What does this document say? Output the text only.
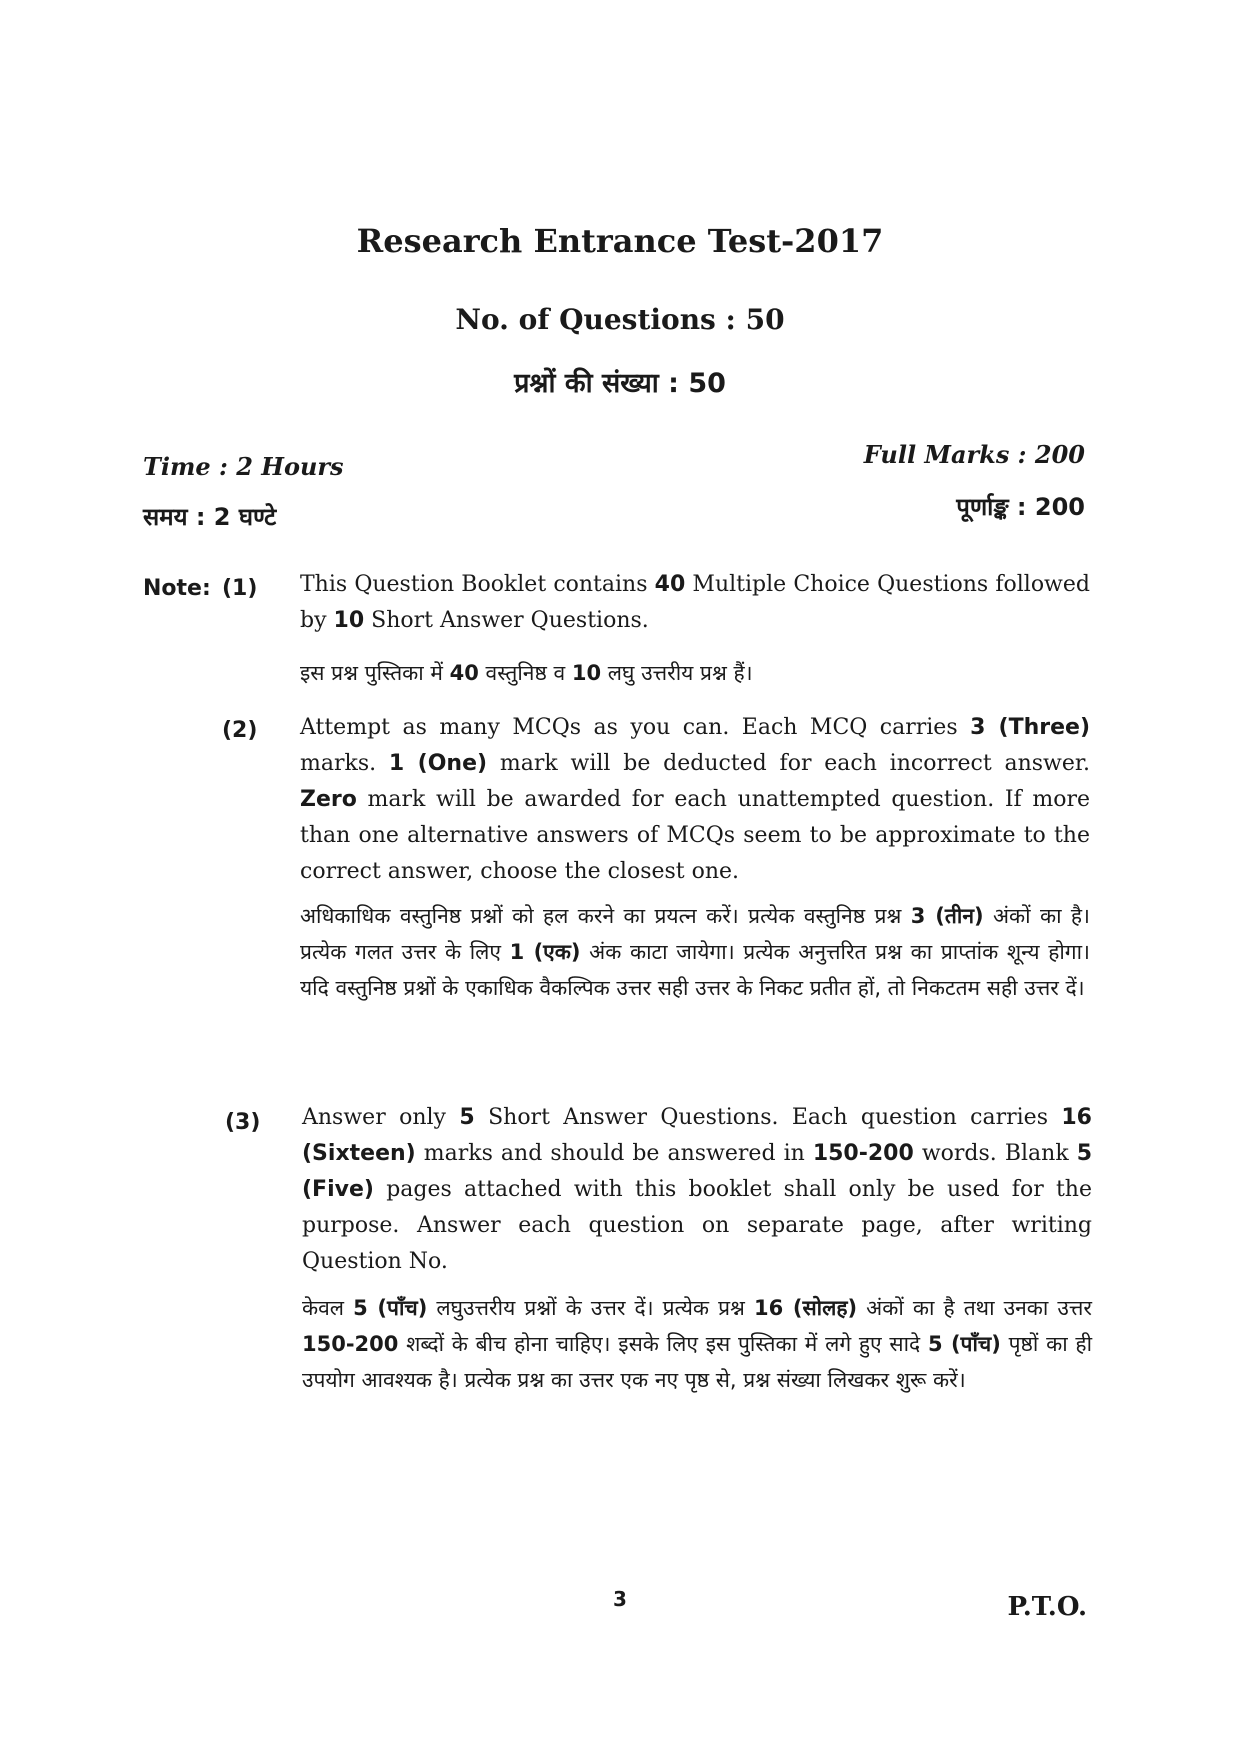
Research Entrance Test-2017
No. of Questions : 50
प्रश्नों की संख्या : 50
Time : 2 Hours
समय : 2 घण्टे
Full Marks : 200
पूर्णाङ्क : 200
Note: (1) This Question Booklet contains 40 Multiple Choice Questions followed by 10 Short Answer Questions.
इस प्रश्न पुस्तिका में 40 वस्तुनिष्ठ व 10 लघु उत्तरीय प्रश्न हैं।
(2) Attempt as many MCQs as you can. Each MCQ carries 3 (Three) marks. 1 (One) mark will be deducted for each incorrect answer. Zero mark will be awarded for each unattempted question. If more than one alternative answers of MCQs seem to be approximate to the correct answer, choose the closest one.
अधिकाधिक वस्तुनिष्ठ प्रश्नों को हल करने का प्रयत्न करें। प्रत्येक वस्तुनिष्ठ प्रश्न 3 (तीन) अंकों का है। प्रत्येक गलत उत्तर के लिए 1 (एक) अंक काटा जायेगा। प्रत्येक अनुत्तरित प्रश्न का प्राप्तांक शून्य होगा। यदि वस्तुनिष्ठ प्रश्नों के एकाधिक वैकल्पिक उत्तर सही उत्तर के निकट प्रतीत हों, तो निकटतम सही उत्तर दें।
(3) Answer only 5 Short Answer Questions. Each question carries 16 (Sixteen) marks and should be answered in 150-200 words. Blank 5 (Five) pages attached with this booklet shall only be used for the purpose. Answer each question on separate page, after writing Question No.
केवल 5 (पाँच) लघुउत्तरीय प्रश्नों के उत्तर दें। प्रत्येक प्रश्न 16 (सोलह) अंकों का है तथा उनका उत्तर 150-200 शब्दों के बीच होना चाहिए। इसके लिए इस पुस्तिका में लगे हुए सादे 5 (पाँच) पृष्ठों का ही उपयोग आवश्यक है। प्रत्येक प्रश्न का उत्तर एक नए पृष्ठ से, प्रश्न संख्या लिखकर शुरू करें।
3	P.T.O.
